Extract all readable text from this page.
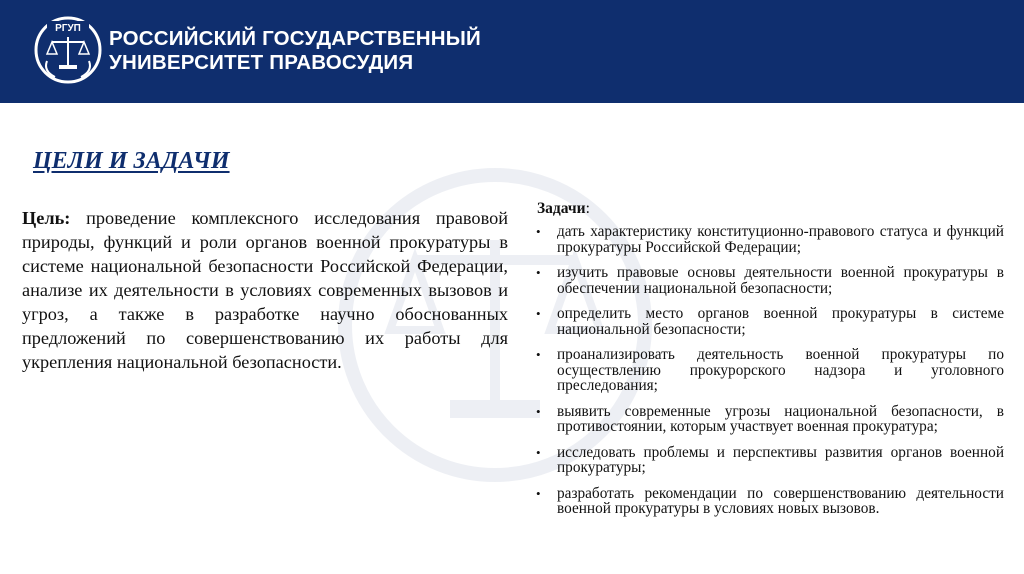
РГУП РОССИЙСКИЙ ГОСУДАРСТВЕННЫЙ
УНИВЕРСИТЕТ ПРАВОСУДИЯ
ЦЕЛИ И ЗАДАЧИ

Цель: проведение комплексного исследования правовой природы, функций и роли органов военной прокуратуры в системе национальной безопасности Российской Федерации, анализе их деятельности в условиях современных вызовов и угроз, а также в разработке научно обоснованных предложений по совершенствованию их работы для укрепления национальной безопасности.

Задачи:

• дать характеристику конституционно-правового статуса и функций прокуратуры Российской Федерации;
• изучить правовые основы деятельности военной прокуратуры в обеспечении национальной безопасности;
• определить место органов военной прокуратуры в системе национальной безопасности;
• проанализировать деятельность военной прокуратуры по осуществлению прокурорского надзора и уголовного преследования;
• выявить современные угрозы национальной безопасности, в противостоянии, которым участвует военная прокуратура;
• исследовать проблемы и перспективы развития органов военной прокуратуры;
• разработать рекомендации по совершенствованию деятельности военной прокуратуры в условиях новых вызовов.
